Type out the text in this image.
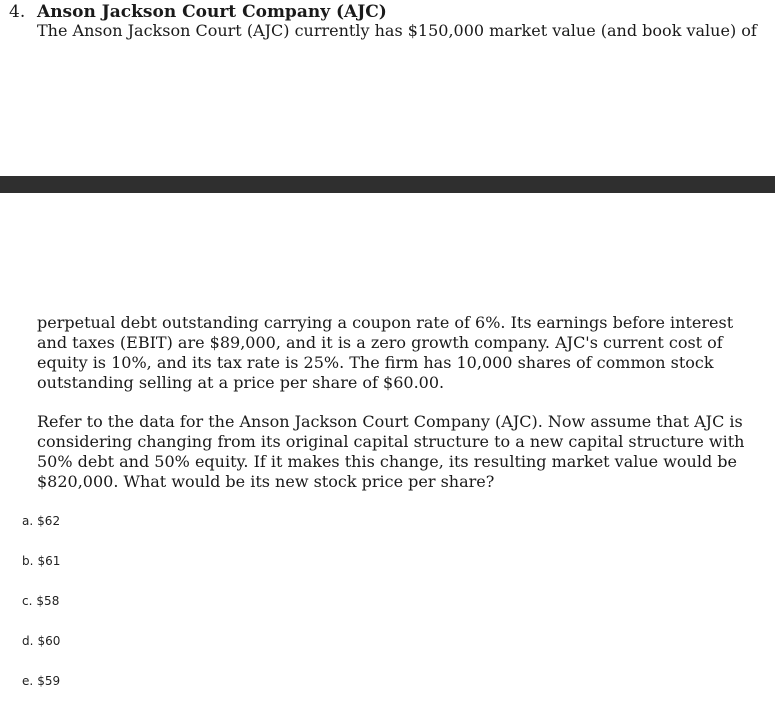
4. Anson Jackson Court Company (AJC)
The Anson Jackson Court (AJC) currently has $150,000 market value (and book value) of
perpetual debt outstanding carrying a coupon rate of 6%. Its earnings before interest and taxes (EBIT) are $89,000, and it is a zero growth company. AJC's current cost of equity is 10%, and its tax rate is 25%. The firm has 10,000 shares of common stock outstanding selling at a price per share of $60.00.
Refer to the data for the Anson Jackson Court Company (AJC). Now assume that AJC is considering changing from its original capital structure to a new capital structure with 50% debt and 50% equity. If it makes this change, its resulting market value would be $820,000. What would be its new stock price per share?
a. $62
b. $61
c. $58
d. $60
e. $59
